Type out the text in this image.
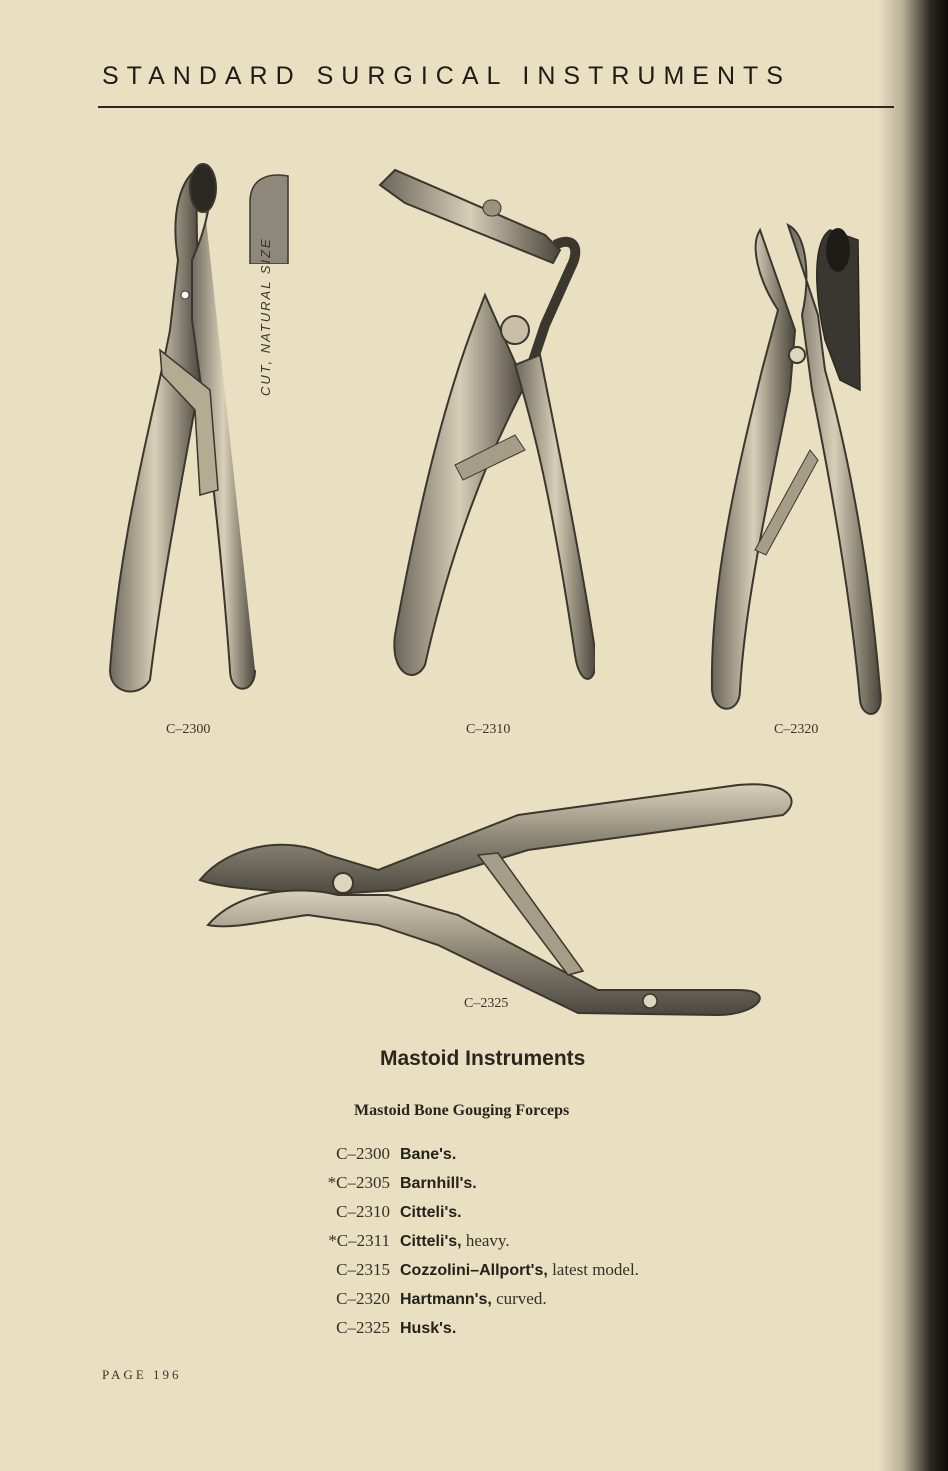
STANDARD SURGICAL INSTRUMENTS
CUT, NATURAL SIZE
C–2300	C–2310	C–2320
C–2325
Mastoid Instruments
Mastoid Bone Gouging Forceps
C–2300 Bane's.
*C–2305 Barnhill's.
C–2310 Citteli's.
*C–2311 Citteli's, heavy.
C–2315 Cozzolini–Allport's, latest model.
C–2320 Hartmann's, curved.
C–2325 Husk's.
PAGE 196
